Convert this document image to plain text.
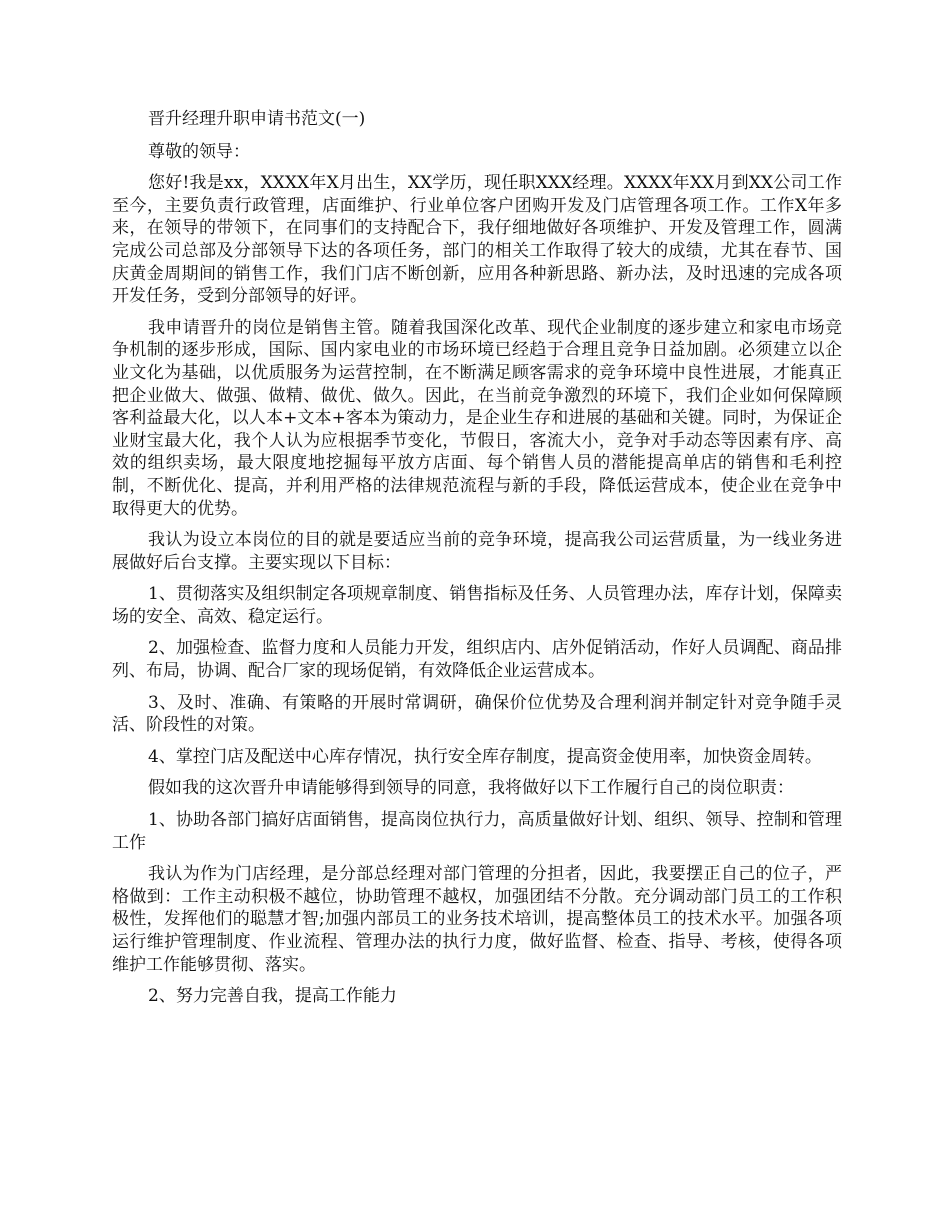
晋升经理升职申请书范文(一)

尊敬的领导：

您好!我是xx，XXXX年X月出生，XX学历，现任职XXX经理。XXXX年XX月到XX公司工作至今，主要负责行政管理，店面维护、行业单位客户团购开发及门店管理各项工作。工作X年多来，在领导的带领下，在同事们的支持配合下，我仔细地做好各项维护、开发及管理工作，圆满完成公司总部及分部领导下达的各项任务，部门的相关工作取得了较大的成绩，尤其在春节、国庆黄金周期间的销售工作，我们门店不断创新，应用各种新思路、新办法，及时迅速的完成各项开发任务，受到分部领导的好评。

我申请晋升的岗位是销售主管。随着我国深化改革、现代企业制度的逐步建立和家电市场竞争机制的逐步形成，国际、国内家电业的市场环境已经趋于合理且竞争日益加剧。必须建立以企业文化为基础，以优质服务为运营控制，在不断满足顾客需求的竞争环境中良性进展，才能真正把企业做大、做强、做精、做优、做久。因此，在当前竞争激烈的环境下，我们企业如何保障顾客利益最大化，以人本+文本+客本为策动力，是企业生存和进展的基础和关键。同时，为保证企业财宝最大化，我个人认为应根据季节变化，节假日，客流大小，竞争对手动态等因素有序、高效的组织卖场，最大限度地挖掘每平放方店面、每个销售人员的潜能提高单店的销售和毛利控制，不断优化、提高，并利用严格的法律规范流程与新的手段，降低运营成本，使企业在竞争中取得更大的优势。

我认为设立本岗位的目的就是要适应当前的竞争环境，提高我公司运营质量，为一线业务进展做好后台支撑。主要实现以下目标：

1、贯彻落实及组织制定各项规章制度、销售指标及任务、人员管理办法，库存计划，保障卖场的安全、高效、稳定运行。

2、加强检查、监督力度和人员能力开发，组织店内、店外促销活动，作好人员调配、商品排列、布局，协调、配合厂家的现场促销，有效降低企业运营成本。

3、及时、准确、有策略的开展时常调研，确保价位优势及合理利润并制定针对竞争随手灵活、阶段性的对策。

4、掌控门店及配送中心库存情况，执行安全库存制度，提高资金使用率，加快资金周转。

假如我的这次晋升申请能够得到领导的同意，我将做好以下工作履行自己的岗位职责：

1、协助各部门搞好店面销售，提高岗位执行力，高质量做好计划、组织、领导、控制和管理工作

我认为作为门店经理，是分部总经理对部门管理的分担者，因此，我要摆正自己的位子，严格做到：工作主动积极不越位，协助管理不越权，加强团结不分散。充分调动部门员工的工作积极性，发挥他们的聪慧才智;加强内部员工的业务技术培训，提高整体员工的技术水平。加强各项运行维护管理制度、作业流程、管理办法的执行力度，做好监督、检查、指导、考核，使得各项维护工作能够贯彻、落实。

2、努力完善自我，提高工作能力
